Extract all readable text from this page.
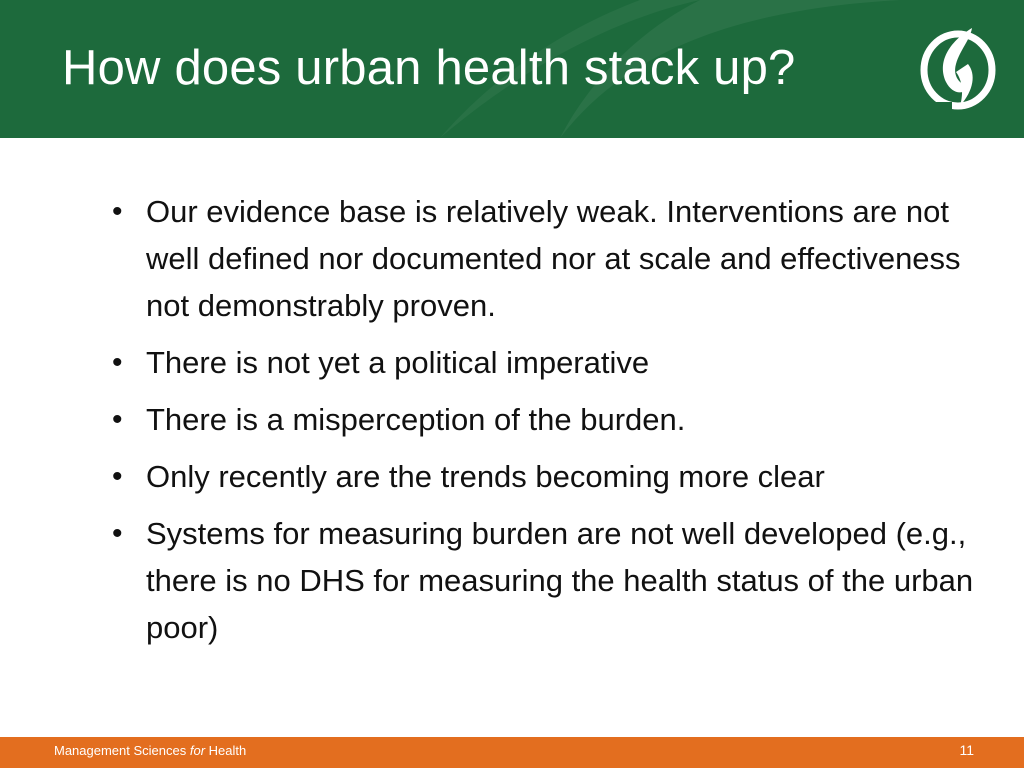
How does urban health stack up?
• Our evidence base is relatively weak. Interventions are not well defined nor documented nor at scale and effectiveness not demonstrably proven.
• There is not yet a political imperative
• There is a misperception of the burden.
• Only recently are the trends becoming more clear
• Systems for measuring burden are not well developed (e.g., there is no DHS for measuring the health status of the urban poor)
Management Sciences for Health	11
